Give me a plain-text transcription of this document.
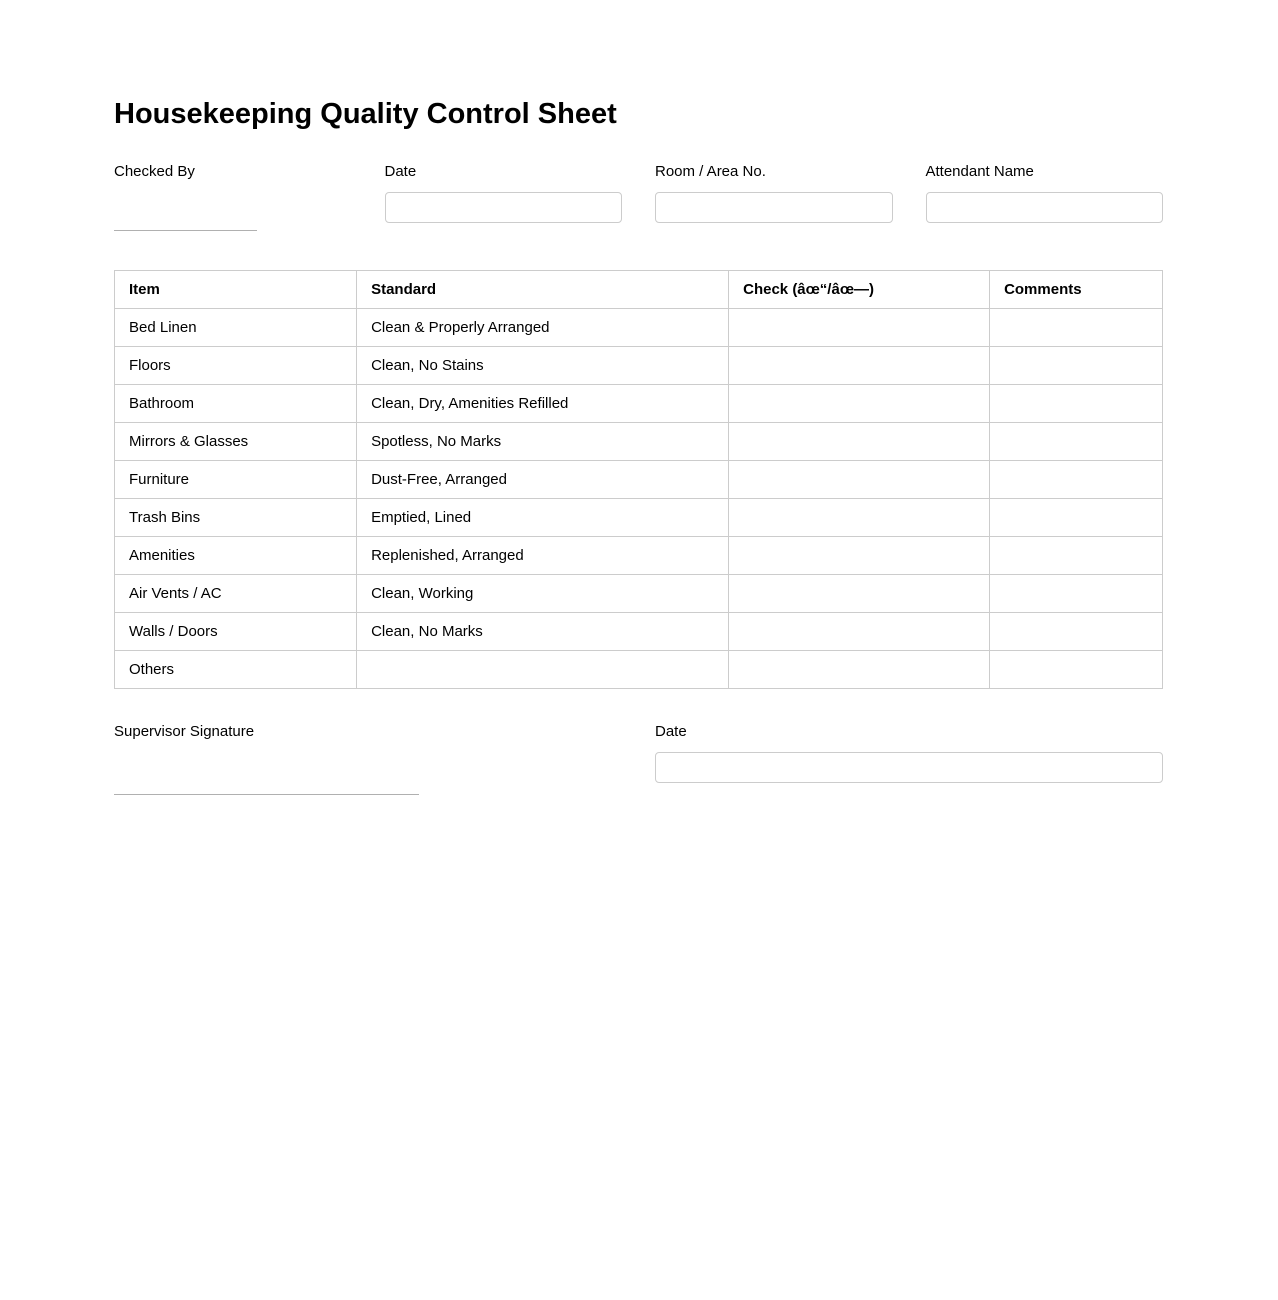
Housekeeping Quality Control Sheet
Checked By	Date	Room / Area No.	Attendant Name
Item	Standard	Check (âœ“/âœ—)	Comments
Bed Linen	Clean & Properly Arranged		
Floors	Clean, No Stains		
Bathroom	Clean, Dry, Amenities Refilled		
Mirrors & Glasses	Spotless, No Marks		
Furniture	Dust-Free, Arranged		
Trash Bins	Emptied, Lined		
Amenities	Replenished, Arranged		
Air Vents / AC	Clean, Working		
Walls / Doors	Clean, No Marks		
Others			
Supervisor Signature	Date
